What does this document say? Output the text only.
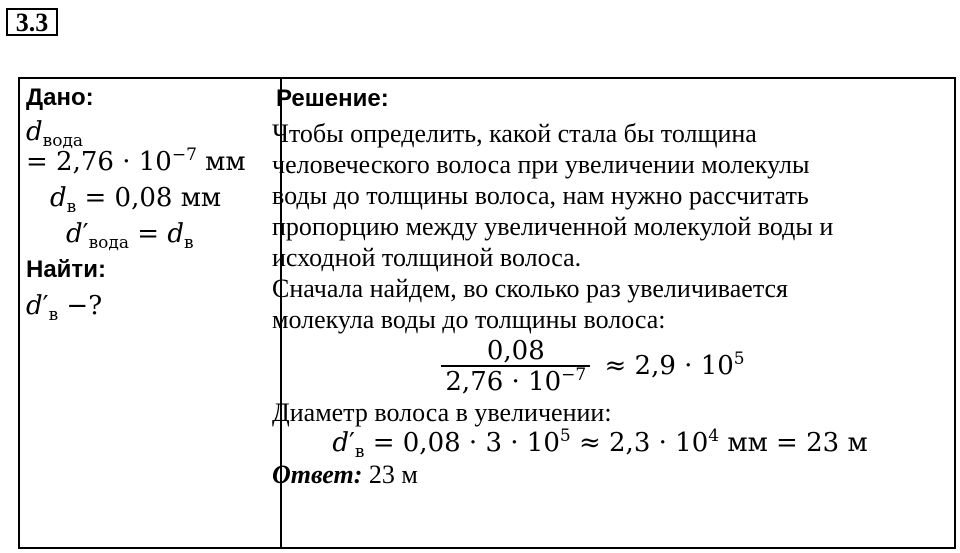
3.3
Дано:
$d_{вода}$
= $2,76 \cdot 10^{-7}$ мм
$d_в = 0,08$ мм
$d'_{вода} = d_в$
Найти:
$d'_в$ −?
Решение:
Чтобы определить, какой стала бы толщина
человеческого волоса при увеличении молекулы
воды до толщины волоса, нам нужно рассчитать
пропорцию между увеличенной молекулой воды и
исходной толщиной волоса.
Сначала найдем, во сколько раз увеличивается
молекула воды до толщины волоса:
$\frac{0,08}{2,76 \cdot 10^{-7}} \approx 2,9 \cdot 10^5$
Диаметр волоса в увеличении:
$d'_в = 0,08 \cdot 3 \cdot 10^5 \approx 2,3 \cdot 10^4$ мм = 23 м
Ответ: 23 м
